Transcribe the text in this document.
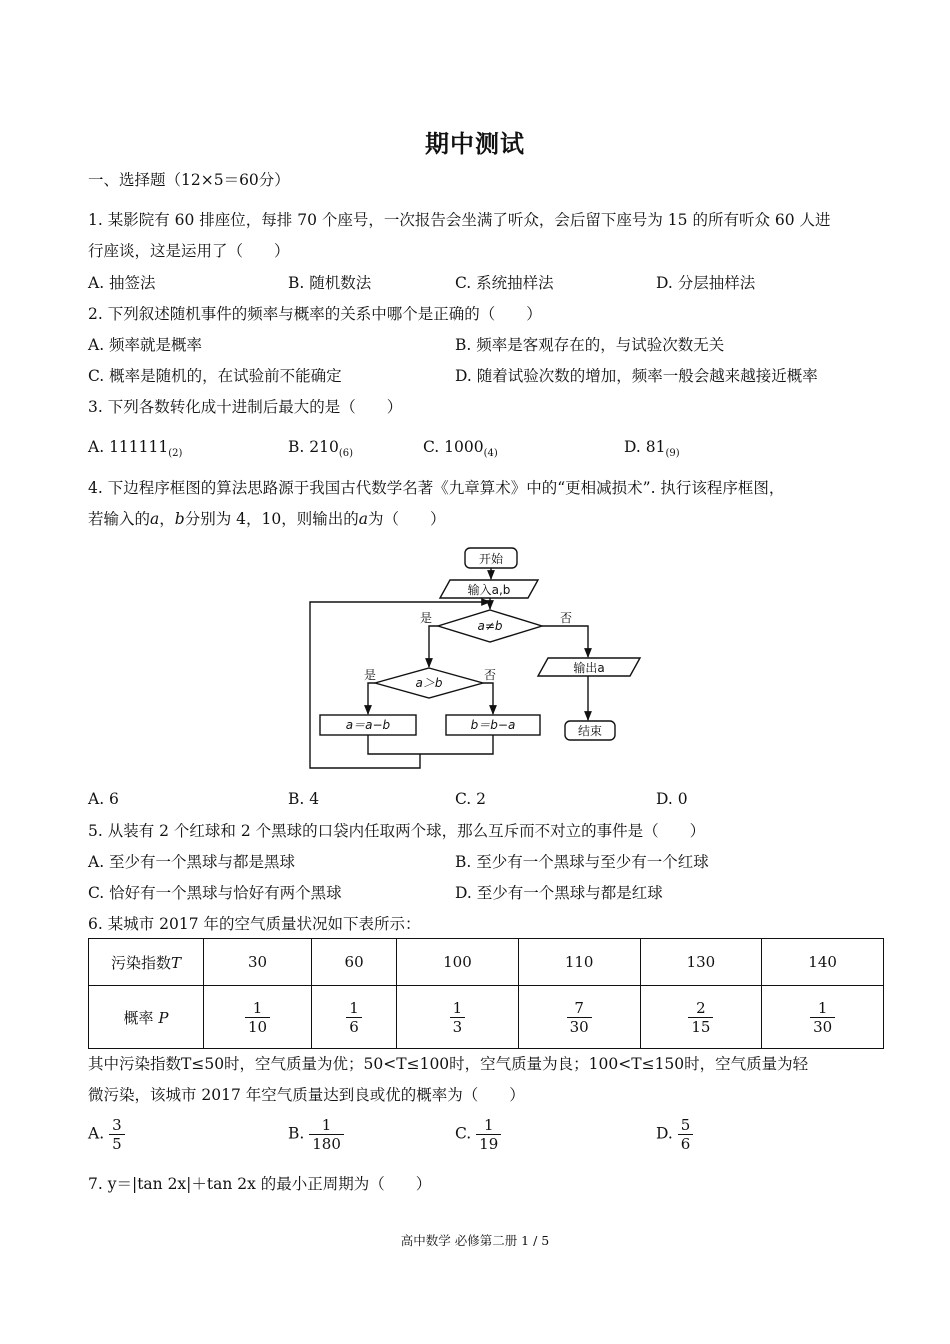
期中测试
一、选择题（12×5＝60分）
1. 某影院有 60 排座位，每排 70 个座号，一次报告会坐满了听众，会后留下座号为 15 的所有听众 60 人进
行座谈，这是运用了（　　）
A. 抽签法	B. 随机数法	C. 系统抽样法	D. 分层抽样法
2. 下列叙述随机事件的频率与概率的关系中哪个是正确的（　　）
A. 频率就是概率	B. 频率是客观存在的，与试验次数无关
C. 概率是随机的，在试验前不能确定	D. 随着试验次数的增加，频率一般会越来越接近概率
3. 下列各数转化成十进制后最大的是（　　）
A. $111111_{(2)}$	B. $210_{(6)}$	C. $1000_{(4)}$	D. $81_{(9)}$
4. 下边程序框图的算法思路源于我国古代数学名著《九章算术》中的“更相减损术”. 执行该程序框图，
若输入的a，b分别为 4，10，则输出的a为（　　）
开始
输入a,b
a≠b
是	否
a＞b
是	否
a＝a−b	b＝b−a
输出a
结束
A. 6	B. 4	C. 2	D. 0
5. 从装有 2 个红球和 2 个黑球的口袋内任取两个球，那么互斥而不对立的事件是（　　）
A. 至少有一个黑球与都是黑球	B. 至少有一个黑球与至少有一个红球
C. 恰好有一个黑球与恰好有两个黑球	D. 至少有一个黑球与都是红球
6. 某城市 2017 年的空气质量状况如下表所示：
污染指数T	30	60	100	110	130	140
概率 P	$\frac{1}{10}$	$\frac{1}{6}$	$\frac{1}{3}$	$\frac{7}{30}$	$\frac{2}{15}$	$\frac{1}{30}$
其中污染指数T≤50时，空气质量为优；50<T≤100时，空气质量为良；100<T≤150时，空气质量为轻
微污染，该城市 2017 年空气质量达到良或优的概率为（　　）
A. $\frac{3}{5}$	B. $\frac{1}{180}$	C. $\frac{1}{19}$	D. $\frac{5}{6}$
7. y＝|tan 2x|＋tan 2x 的最小正周期为（　　）
高中数学 必修第二册 1 / 5
